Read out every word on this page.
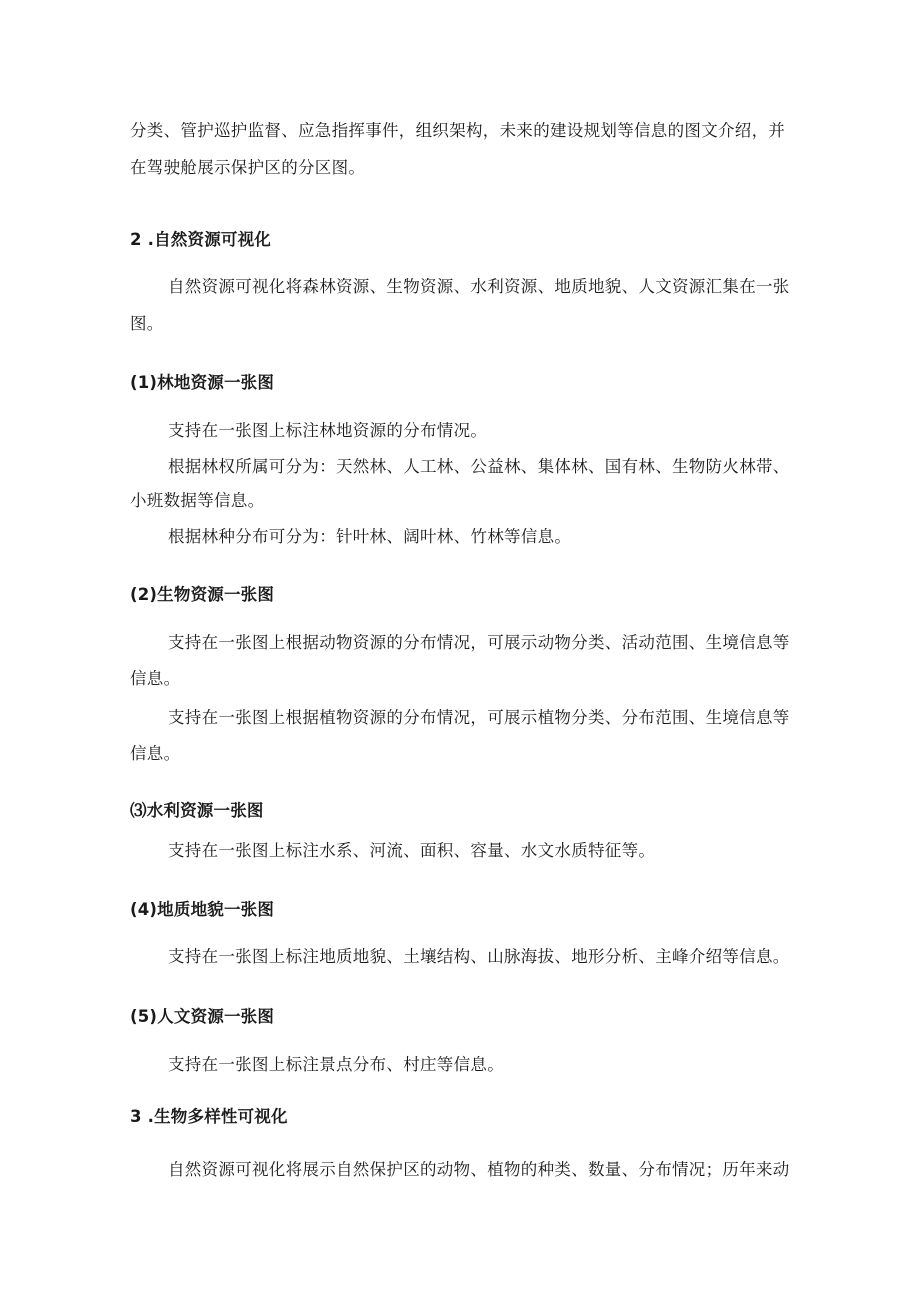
分类、管护巡护监督、应急指挥事件，组织架构，未来的建设规划等信息的图文介绍，并
在驾驶舱展示保护区的分区图。
2 .自然资源可视化
自然资源可视化将森林资源、生物资源、水利资源、地质地貌、人文资源汇集在一张
图。
(1)林地资源一张图
支持在一张图上标注林地资源的分布情况。
根据林权所属可分为：天然林、人工林、公益林、集体林、国有林、生物防火林带、
小班数据等信息。
根据林种分布可分为：针叶林、阔叶林、竹林等信息。
(2)生物资源一张图
支持在一张图上根据动物资源的分布情况，可展示动物分类、活动范围、生境信息等
信息。
支持在一张图上根据植物资源的分布情况，可展示植物分类、分布范围、生境信息等
信息。
⑶水利资源一张图
支持在一张图上标注水系、河流、面积、容量、水文水质特征等。
(4)地质地貌一张图
支持在一张图上标注地质地貌、土壤结构、山脉海拔、地形分析、主峰介绍等信息。
(5)人文资源一张图
支持在一张图上标注景点分布、村庄等信息。
3 .生物多样性可视化
自然资源可视化将展示自然保护区的动物、植物的种类、数量、分布情况；历年来动
